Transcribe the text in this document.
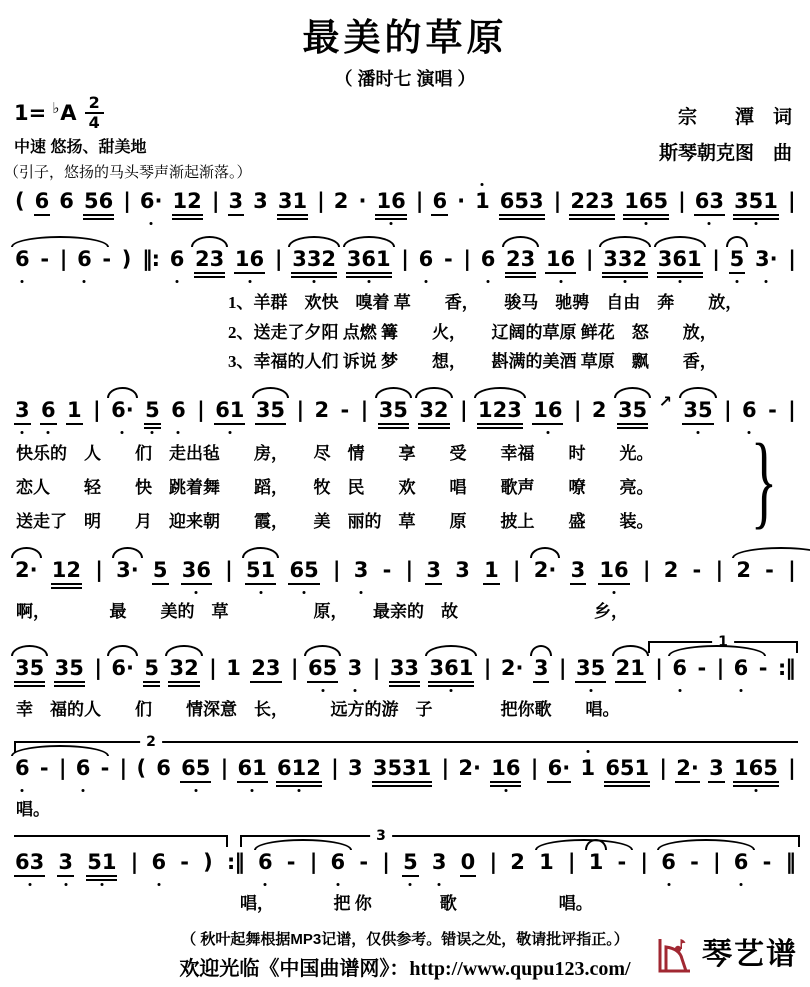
最美的草原
（ 潘时七 演唱 ）
1= ♭ A $\frac{2}{4}$
中速 悠扬、甜美地
（引子，悠扬的马头琴声渐起渐落。）
宗　　潭　词
斯琴朝克图　曲
( 6 6 56 | 6· 12 | 3 3 31 | 2 · 16 | 6 · 1 653 | 223 165 | 63 351 |
6 - | 6 - ) ‖: 6 23 16 | 332 361 | 6 - | 6 23 16 | 332 361 | 5 3· |
1、羊群　欢快　嗅着 草　　香，　　骏马　驰骋　自由　奔　　放，
2、送走了夕阳 点燃 篝　　火，　　辽阔的草原 鲜花　怒　　放，
3、幸福的人们 诉说 梦　　想，　　斟满的美酒 草原　飘　　香，
3 6 1 | 6· 5 6 | 61 35 | 2 - | 35 32 | 123 16 | 2 35 ↗ 35 | 6 - |
快乐的　人　　们　走出毡　　房，　　尽　情　　享　　受　　幸福　　时　　光。
恋人　　轻　　快　跳着舞　　蹈，　　牧　民　　欢　　唱　　歌声　　嘹　　亮。
送走了　明　　月　迎来朝　　霞，　　美　丽的　草　　原　　披上　　盛　　装。 }
2· 12 | 3· 5 36 | 51 65 | 3 - | 3 3 1 | 2· 3 16 | 2 - | 2 - |
啊，　　　　最　　美的　草　　　　　原，　　最亲的　故　　　　　　　　乡，
1
35 35 | 6· 5 32 | 1 23 | 65 3 | 33 361 | 2· 3 | 35 21 | 6 - | 6 - :‖
幸　福的人　　们　　情深意　长，　　　远方的游　子　　　　把你歌　　唱。
2
6 - | 6 - | ( 6 65 | 61 612 | 3 3531 | 2· 16 | 6· 1 651 | 2· 3 165 |
唱。
3
63 3 51 | 6 - ) :‖ 6 - | 6 - | 5 3 0 | 2 1 | 1 - | 6 - | 6 - ‖
唱，　　　　把 你　　　　歌　　　　　　唱。
（ 秋叶起舞根据MP3记谱，仅供参考。错误之处，敬请批评指正。）
欢迎光临《中国曲谱网》：http://www.qupu123.com/	琴艺谱
